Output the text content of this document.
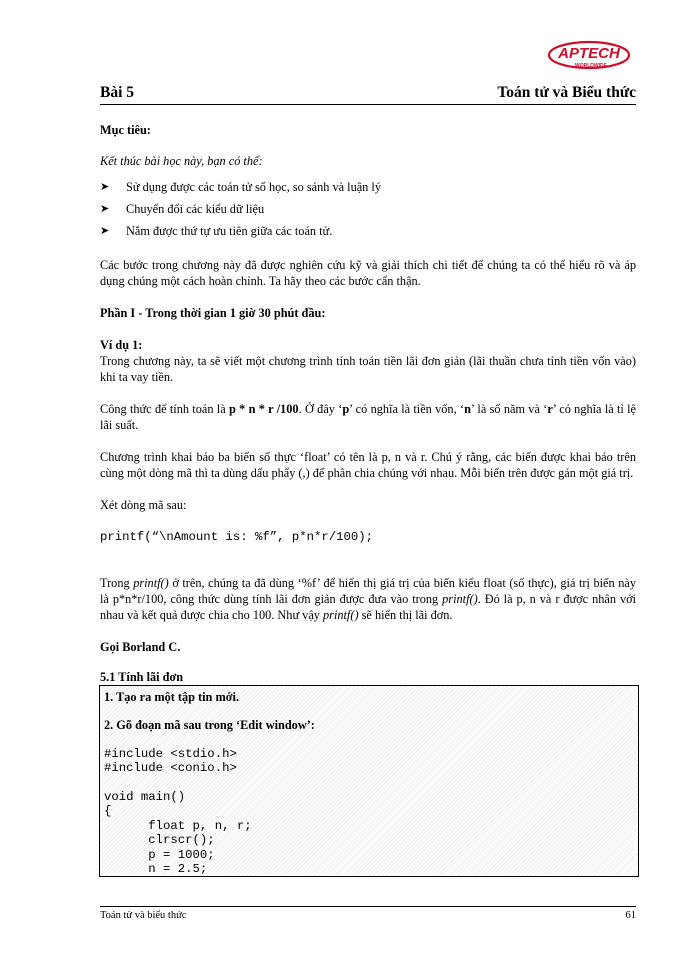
APTECH
WORLDWIDE
Bài 5	Toán tử và Biểu thức

Mục tiêu:

Kết thúc bài học này, bạn có thể:

➤ Sử dụng được các toán tử số học, so sánh và luận lý
➤ Chuyển đổi các kiểu dữ liệu
➤ Nắm được thứ tự ưu tiên giữa các toán tử.

Các bước trong chương này đã được nghiên cứu kỹ và giải thích chi tiết để chúng ta có thể hiểu rõ và áp dụng chúng một cách hoàn chỉnh. Ta hãy theo các bước cẩn thận.

Phần I - Trong thời gian 1 giờ 30 phút đầu:

Ví dụ 1:

Trong chương này, ta sẽ viết một chương trình tính toán tiền lãi đơn giản (lãi thuần chưa tính tiền vốn vào) khi ta vay tiền.

Công thức để tính toán là p * n * r /100. Ở đây ‘p’ có nghĩa là tiền vốn, ‘n’ là số năm và ‘r’ có nghĩa là tỉ lệ lãi suất.

Chương trình khai báo ba biến số thực ‘float’ có tên là p, n và r. Chú ý rằng, các biến được khai báo trên cùng một dòng mã thì ta dùng dấu phẩy (,) để phân chia chúng với nhau. Mỗi biến trên được gán một giá trị.

Xét dòng mã sau:

printf(“\nAmount is: %f”, p*n*r/100);

Trong printf() ở trên, chúng ta đã dùng ‘%f’ để hiển thị giá trị của biến kiểu float (số thực), giá trị biến này là p*n*r/100, công thức dùng tính lãi đơn giản được đưa vào trong printf(). Đó là p, n và r được nhân với nhau và kết quả được chia cho 100. Như vậy printf() sẽ hiển thị lãi đơn.

Gọi Borland C.

5.1 Tính lãi đơn

1. Tạo ra một tập tin mới.

2. Gõ đoạn mã sau trong ‘Edit window’:

#include <stdio.h>
#include <conio.h>

void main()
{
float p, n, r;
clrscr();
p = 1000;
n = 2.5;
Toán tử và biểu thức	61
